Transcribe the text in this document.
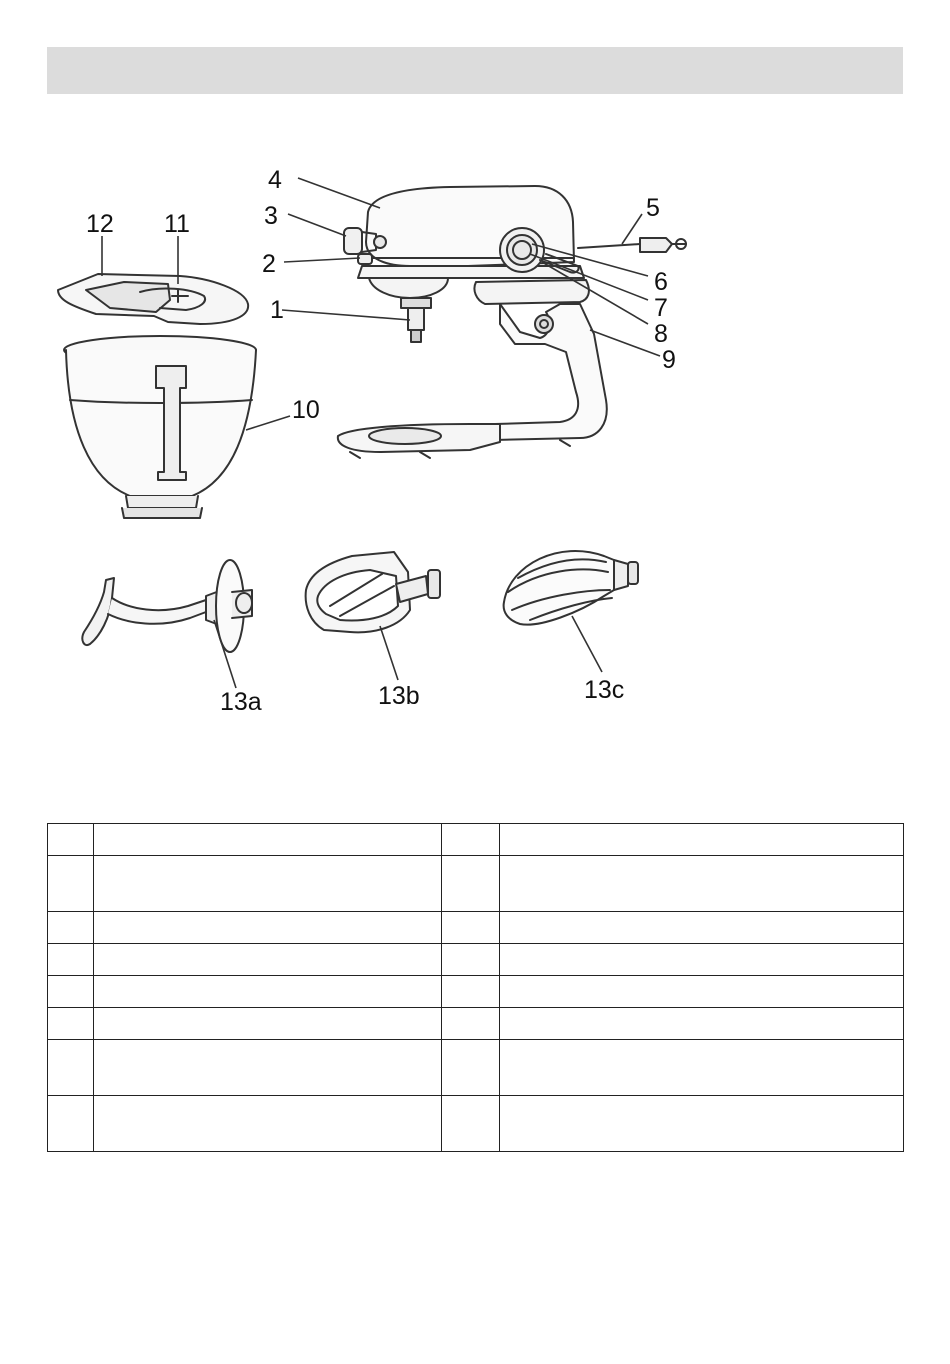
1
2
3
4
5
6
7
8
9
10
11
12
13a	13b	13c
